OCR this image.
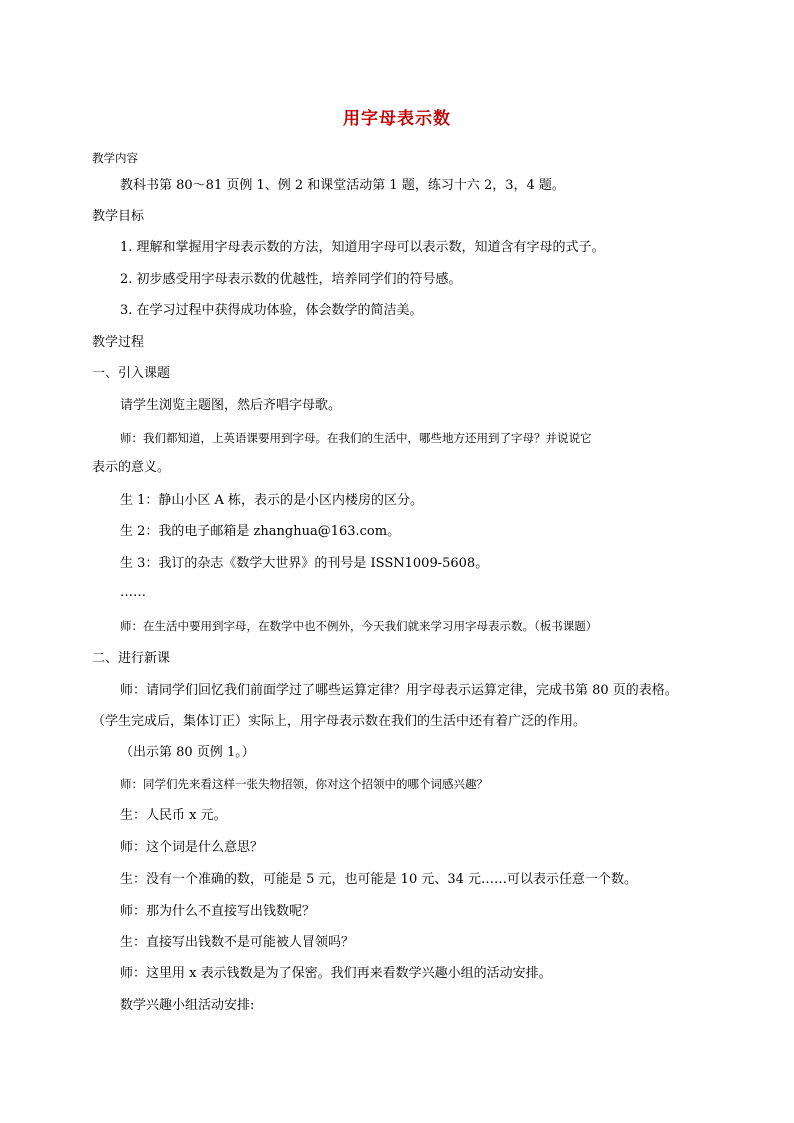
用字母表示数
教学内容
教科书第 80～81 页例 1、例 2 和课堂活动第 1 题，练习十六 2，3，4 题。
教学目标
1. 理解和掌握用字母表示数的方法，知道用字母可以表示数，知道含有字母的式子。
2. 初步感受用字母表示数的优越性，培养同学们的符号感。
3. 在学习过程中获得成功体验，体会数学的简洁美。
教学过程
一、引入课题
请学生浏览主题图，然后齐唱字母歌。
师：我们都知道，上英语课要用到字母。在我们的生活中，哪些地方还用到了字母？并说说它
表示的意义。
生 1：静山小区 A 栋，表示的是小区内楼房的区分。
生 2：我的电子邮箱是 zhanghua@163.com。
生 3：我订的杂志《数学大世界》的刊号是 ISSN1009-5608。
……
师：在生活中要用到字母，在数学中也不例外，今天我们就来学习用字母表示数。（板书课题）
二、进行新课
师：请同学们回忆我们前面学过了哪些运算定律？用字母表示运算定律，完成书第 80 页的表格。
（学生完成后，集体订正）实际上，用字母表示数在我们的生活中还有着广泛的作用。
（出示第 80 页例 1。）
师：同学们先来看这样一张失物招领，你对这个招领中的哪个词感兴趣？
生：人民币 x 元。
师：这个词是什么意思？
生：没有一个准确的数，可能是 5 元，也可能是 10 元、34 元……可以表示任意一个数。
师：那为什么不直接写出钱数呢？
生：直接写出钱数不是可能被人冒领吗？
师：这里用 x 表示钱数是为了保密。我们再来看数学兴趣小组的活动安排。
数学兴趣小组活动安排:
